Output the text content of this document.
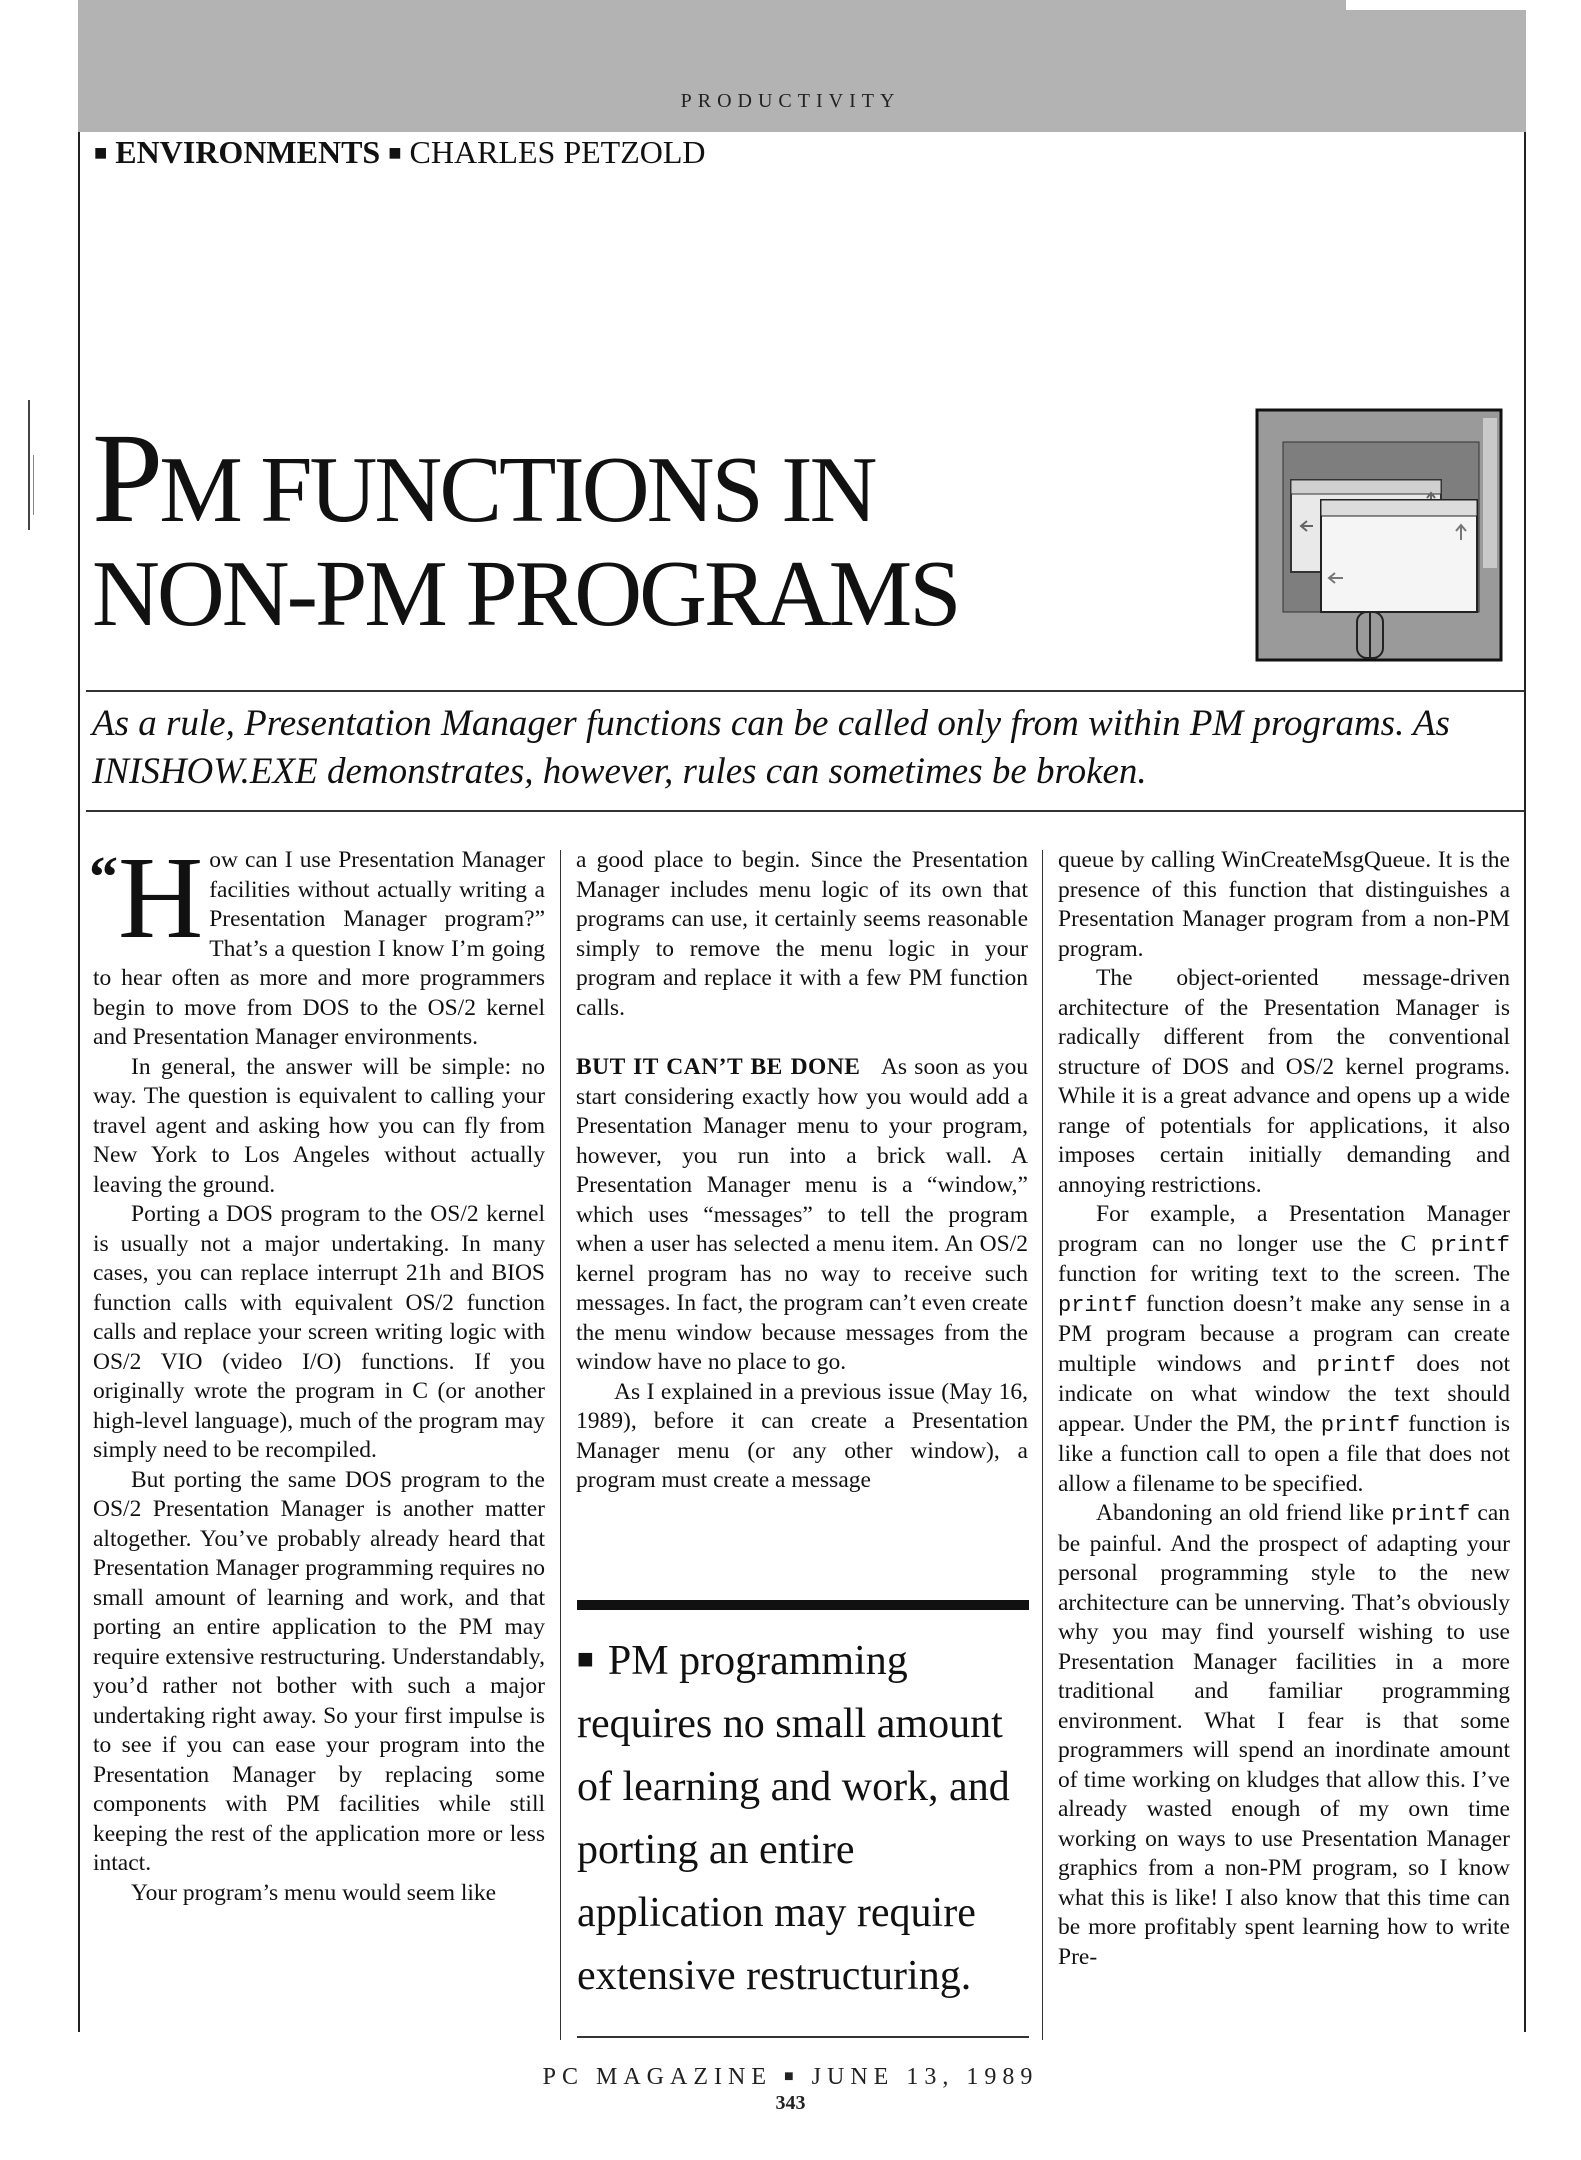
PRODUCTIVITY
■ ENVIRONMENTS ■ CHARLES PETZOLD
PM FUNCTIONS IN
NON-PM PROGRAMS

As a rule, Presentation Manager functions can be called only from within PM programs. As INISHOW.EXE demonstrates, however, rules can sometimes be broken.

“H ow can I use Presentation Manager facilities without actually writing a Presentation Manager program?” That’s a question I know I’m going to hear often as more and more programmers begin to move from DOS to the OS/2 kernel and Presentation Manager environments.

In general, the answer will be simple: no way. The question is equivalent to calling your travel agent and asking how you can fly from New York to Los Angeles without actually leaving the ground.

Porting a DOS program to the OS/2 kernel is usually not a major undertaking. In many cases, you can replace interrupt 21h and BIOS function calls with equivalent OS/2 function calls and replace your screen writing logic with OS/2 VIO (video I/O) functions. If you originally wrote the program in C (or another high-level language), much of the program may simply need to be recompiled.

But porting the same DOS program to the OS/2 Presentation Manager is another matter altogether. You’ve probably already heard that Presentation Manager programming requires no small amount of learning and work, and that porting an entire application to the PM may require extensive restructuring. Understandably, you’d rather not bother with such a major undertaking right away. So your first impulse is to see if you can ease your program into the Presentation Manager by replacing some components with PM facilities while still keeping the rest of the application more or less intact.

Your program’s menu would seem like

a good place to begin. Since the Presentation Manager includes menu logic of its own that programs can use, it certainly seems reasonable simply to remove the menu logic in your program and replace it with a few PM function calls.

BUT IT CAN’T BE DONE As soon as you start considering exactly how you would add a Presentation Manager menu to your program, however, you run into a brick wall. A Presentation Manager menu is a “window,” which uses “messages” to tell the program when a user has selected a menu item. An OS/2 kernel program has no way to receive such messages. In fact, the program can’t even create the menu window because messages from the window have no place to go.

As I explained in a previous issue (May 16, 1989), before it can create a Presentation Manager menu (or any other window), a program must create a message

■ PM programming requires no small amount of learning and work, and porting an entire application may require extensive restructuring.

queue by calling WinCreateMsgQueue. It is the presence of this function that distinguishes a Presentation Manager program from a non-PM program.

The object-oriented message-driven architecture of the Presentation Manager is radically different from the conventional structure of DOS and OS/2 kernel programs. While it is a great advance and opens up a wide range of potentials for applications, it also imposes certain initially demanding and annoying restrictions.

For example, a Presentation Manager program can no longer use the C printf function for writing text to the screen. The printf function doesn’t make any sense in a PM program because a program can create multiple windows and printf does not indicate on what window the text should appear. Under the PM, the printf function is like a function call to open a file that does not allow a filename to be specified.

Abandoning an old friend like printf can be painful. And the prospect of adapting your personal programming style to the new architecture can be unnerving. That’s obviously why you may find yourself wishing to use Presentation Manager facilities in a more traditional and familiar programming environment. What I fear is that some programmers will spend an inordinate amount of time working on kludges that allow this. I’ve already wasted enough of my own time working on ways to use Presentation Manager graphics from a non-PM program, so I know what this is like! I also know that this time can be more profitably spent learning how to write Pre-

PC MAGAZINE ■ JUNE 13, 1989
343
